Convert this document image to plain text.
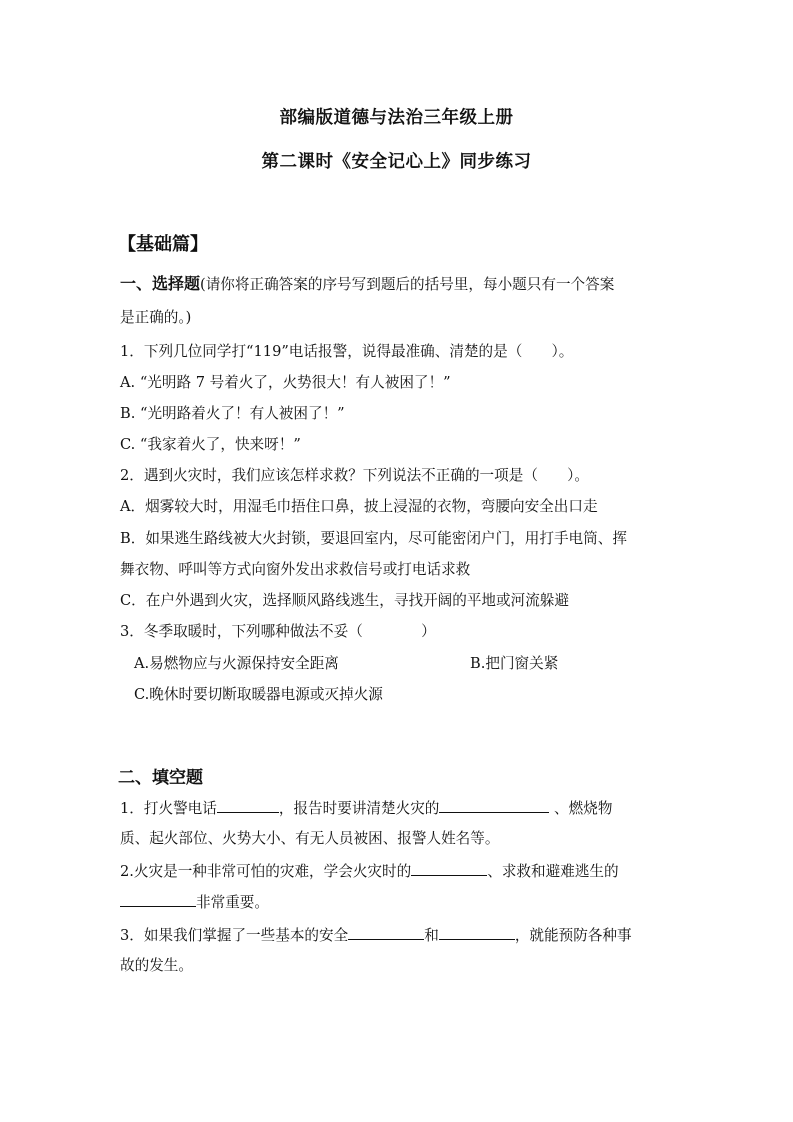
部编版道德与法治三年级上册
第二课时《安全记心上》同步练习
【基础篇】
一、选择题(请你将正确答案的序号写到题后的括号里，每小题只有一个答案
是正确的。)
1．下列几位同学打“119”电话报警，说得最准确、清楚的是（　　）。
A. “光明路 7 号着火了，火势很大！有人被困了！”
B. “光明路着火了！有人被困了！”
C. “我家着火了，快来呀！”
2．遇到火灾时，我们应该怎样求救？下列说法不正确的一项是（　　）。
A．烟雾较大时，用湿毛巾捂住口鼻，披上浸湿的衣物，弯腰向安全出口走
B．如果逃生路线被大火封锁，要退回室内，尽可能密闭户门，用打手电筒、挥
舞衣物、呼叫等方式向窗外发出求救信号或打电话求救
C．在户外遇到火灾，选择顺风路线逃生，寻找开阔的平地或河流躲避
3．冬季取暖时，下列哪种做法不妥（　　　　）
A.易燃物应与火源保持安全距离	B.把门窗关紧
C.晚休时要切断取暖器电源或灭掉火源
二、填空题
1．打火警电话	，报告时要讲清楚火灾的	、燃烧物
质、起火部位、火势大小、有无人员被困、报警人姓名等。
2.火灾是一种非常可怕的灾难，学会火灾时的	、求救和避难逃生的
非常重要。
3．如果我们掌握了一些基本的安全	和	，就能预防各种事
故的发生。
